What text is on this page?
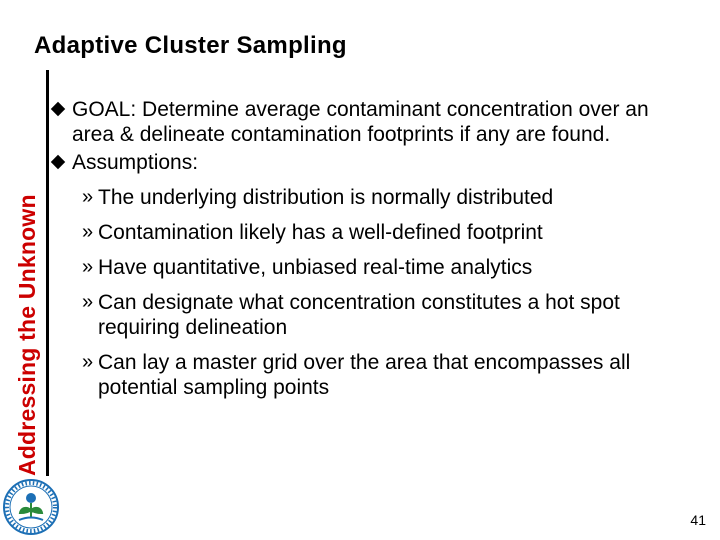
Addressing the Unknown
Adaptive Cluster Sampling
GOAL: Determine average contaminant concentration over an area & delineate contamination footprints if any are found.
Assumptions:
» The underlying distribution is normally distributed
» Contamination likely has a well-defined footprint
» Have quantitative, unbiased real-time analytics
» Can designate what concentration constitutes a hot spot requiring delineation
» Can lay a master grid over the area that encompasses all potential sampling points
41
